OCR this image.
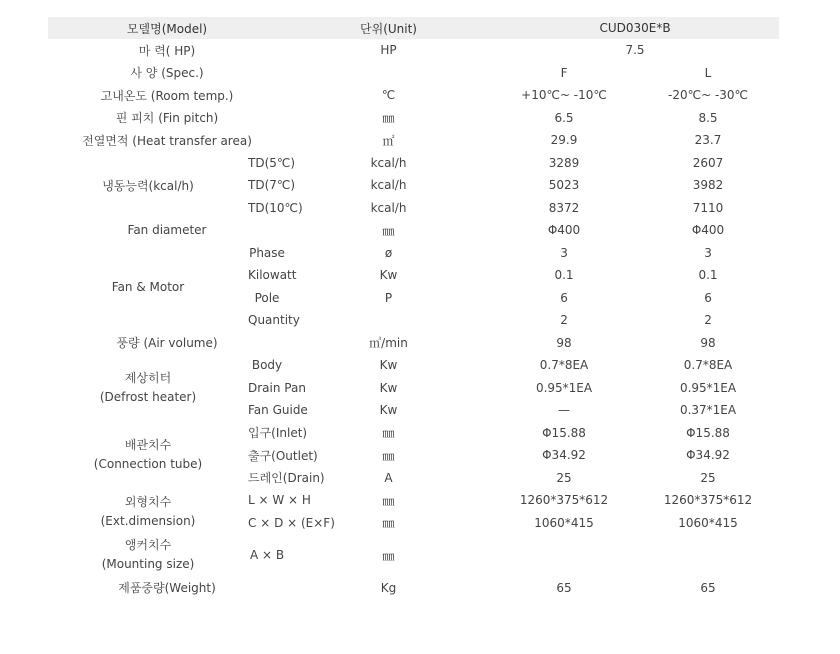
모델명(Model)		단위(Unit)	CUD030E*B	
마 력( HP)		HP	7.5	
사 양 (Spec.)			F	L
고내온도 (Room temp.)		℃	+10℃~ -10℃	-20℃~ -30℃
핀 피치 (Fin pitch)		㎜	6.5	8.5
전열면적 (Heat transfer area)		㎡	29.9	23.7
냉동능력(kcal/h)	TD(5℃)	kcal/h	3289	2607
	TD(7℃)	kcal/h	5023	3982
	TD(10℃)	kcal/h	8372	7110
Fan diameter		㎜	Φ400	Φ400
Fan & Motor	Phase	ø	3	3
	Kilowatt	Kw	0.1	0.1
	Pole	P	6	6
	Quantity		2	2
풍량 (Air volume)		㎥/min	98	98

제상히터
(Defrost heater)	Body	Kw	0.7*8EA	0.7*8EA
	Drain Pan	Kw	0.95*1EA	0.95*1EA
	Fan Guide	Kw	—	0.37*1EA

배관치수
(Connection tube)	입구(Inlet)	㎜	Φ15.88	Φ15.88
	출구(Outlet)	㎜	Φ34.92	Φ34.92
	드레인(Drain)	A	25	25

외형치수
(Ext.dimension)	L × W × H	㎜	1260*375*612	1260*375*612
	C × D × (E×F)	㎜	1060*415	1060*415

앵커치수
(Mounting size)	A × B	㎜		
제품중량(Weight)		Kg	65	65
